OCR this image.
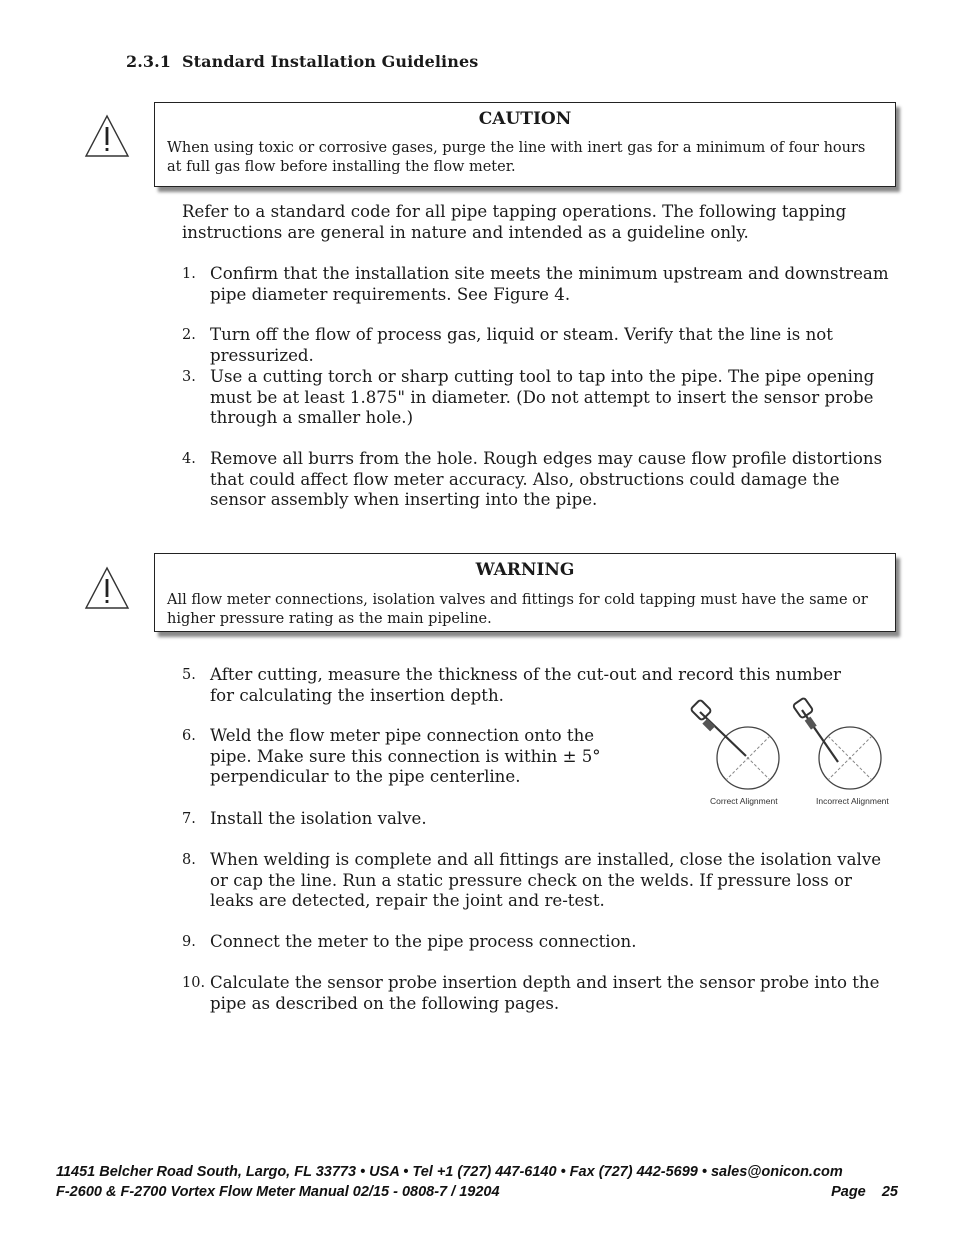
2.3.1 Standard Installation Guidelines
CAUTION
When using toxic or corrosive gases, purge the line with inert gas for a minimum of four hours at full gas flow before installing the flow meter.
Refer to a standard code for all pipe tapping operations. The following tapping instructions are general in nature and intended as a guideline only.
1. Confirm that the installation site meets the minimum upstream and downstream pipe diameter requirements. See Figure 4.
2. Turn off the flow of process gas, liquid or steam. Verify that the line is not pressurized.
3. Use a cutting torch or sharp cutting tool to tap into the pipe. The pipe opening must be at least 1.875" in diameter. (Do not attempt to insert the sensor probe through a smaller hole.)
4. Remove all burrs from the hole. Rough edges may cause flow profile distortions that could affect flow meter accuracy. Also, obstructions could damage the sensor assembly when inserting into the pipe.
WARNING
All flow meter connections, isolation valves and fittings for cold tapping must have the same or higher pressure rating as the main pipeline.
5. After cutting, measure the thickness of the cut-out and record this number for calculating the insertion depth.
6. Weld the flow meter pipe connection onto the pipe. Make sure this connection is within ± 5° perpendicular to the pipe centerline.
7. Install the isolation valve.
8. When welding is complete and all fittings are installed, close the isolation valve or cap the line. Run a static pressure check on the welds. If pressure loss or leaks are detected, repair the joint and re-test.
9. Connect the meter to the pipe process connection.
10. Calculate the sensor probe insertion depth and insert the sensor probe into the pipe as described on the following pages.
Correct Alignment	Incorrect Alignment
11451 Belcher Road South, Largo, FL 33773 • USA • Tel +1 (727) 447-6140 • Fax (727) 442-5699 • sales@onicon.com
F-2600 & F-2700 Vortex Flow Meter Manual 02/15 - 0808-7 / 19204	Page    25
